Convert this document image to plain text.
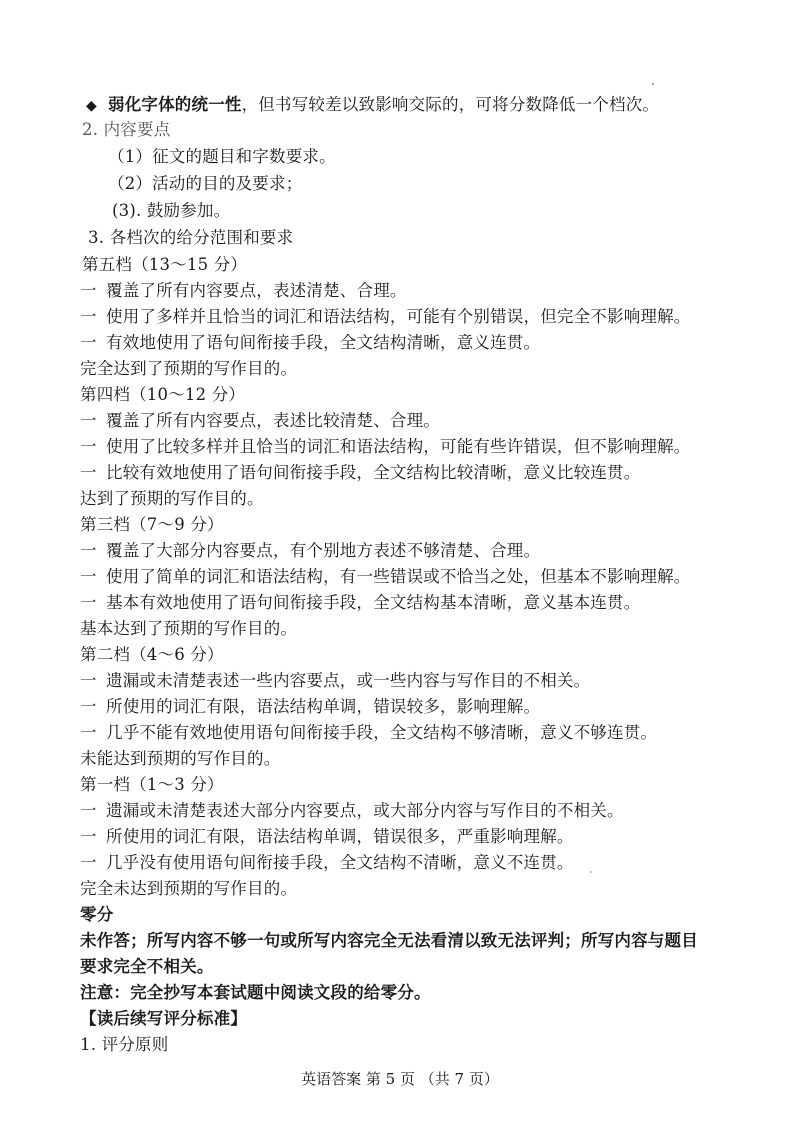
◆ 弱化字体的统一性，但书写较差以致影响交际的，可将分数降低一个档次。
2. 内容要点
（1）征文的题目和字数要求。
（2）活动的目的及要求；
(3). 鼓励参加。
3. 各档次的给分范围和要求
第五档（13～15 分）
一 覆盖了所有内容要点，表述清楚、合理。
一 使用了多样并且恰当的词汇和语法结构，可能有个别错误，但完全不影响理解。
一 有效地使用了语句间衔接手段，全文结构清晰，意义连贯。
完全达到了预期的写作目的。
第四档（10～12 分）
一 覆盖了所有内容要点，表述比较清楚、合理。
一 使用了比较多样并且恰当的词汇和语法结构，可能有些许错误，但不影响理解。
一 比较有效地使用了语句间衔接手段，全文结构比较清晰，意义比较连贯。
达到了预期的写作目的。
第三档（7～9 分）
一 覆盖了大部分内容要点，有个别地方表述不够清楚、合理。
一 使用了简单的词汇和语法结构，有一些错误或不恰当之处，但基本不影响理解。
一 基本有效地使用了语句间衔接手段，全文结构基本清晰，意义基本连贯。
基本达到了预期的写作目的。
第二档（4～6 分）
一 遗漏或未清楚表述一些内容要点，或一些内容与写作目的不相关。
一 所使用的词汇有限，语法结构单调，错误较多，影响理解。
一 几乎不能有效地使用语句间衔接手段，全文结构不够清晰，意义不够连贯。
未能达到预期的写作目的。
第一档（1～3 分）
一 遗漏或未清楚表述大部分内容要点，或大部分内容与写作目的不相关。
一 所使用的词汇有限，语法结构单调，错误很多，严重影响理解。
一 几乎没有使用语句间衔接手段，全文结构不清晰，意义不连贯。
完全未达到预期的写作目的。
零分
未作答；所写内容不够一句或所写内容完全无法看清以致无法评判；所写内容与题目
要求完全不相关。
注意：完全抄写本套试题中阅读文段的给零分。
【读后续写评分标准】
1. 评分原则
英语答案 第 5 页 （共 7 页）
